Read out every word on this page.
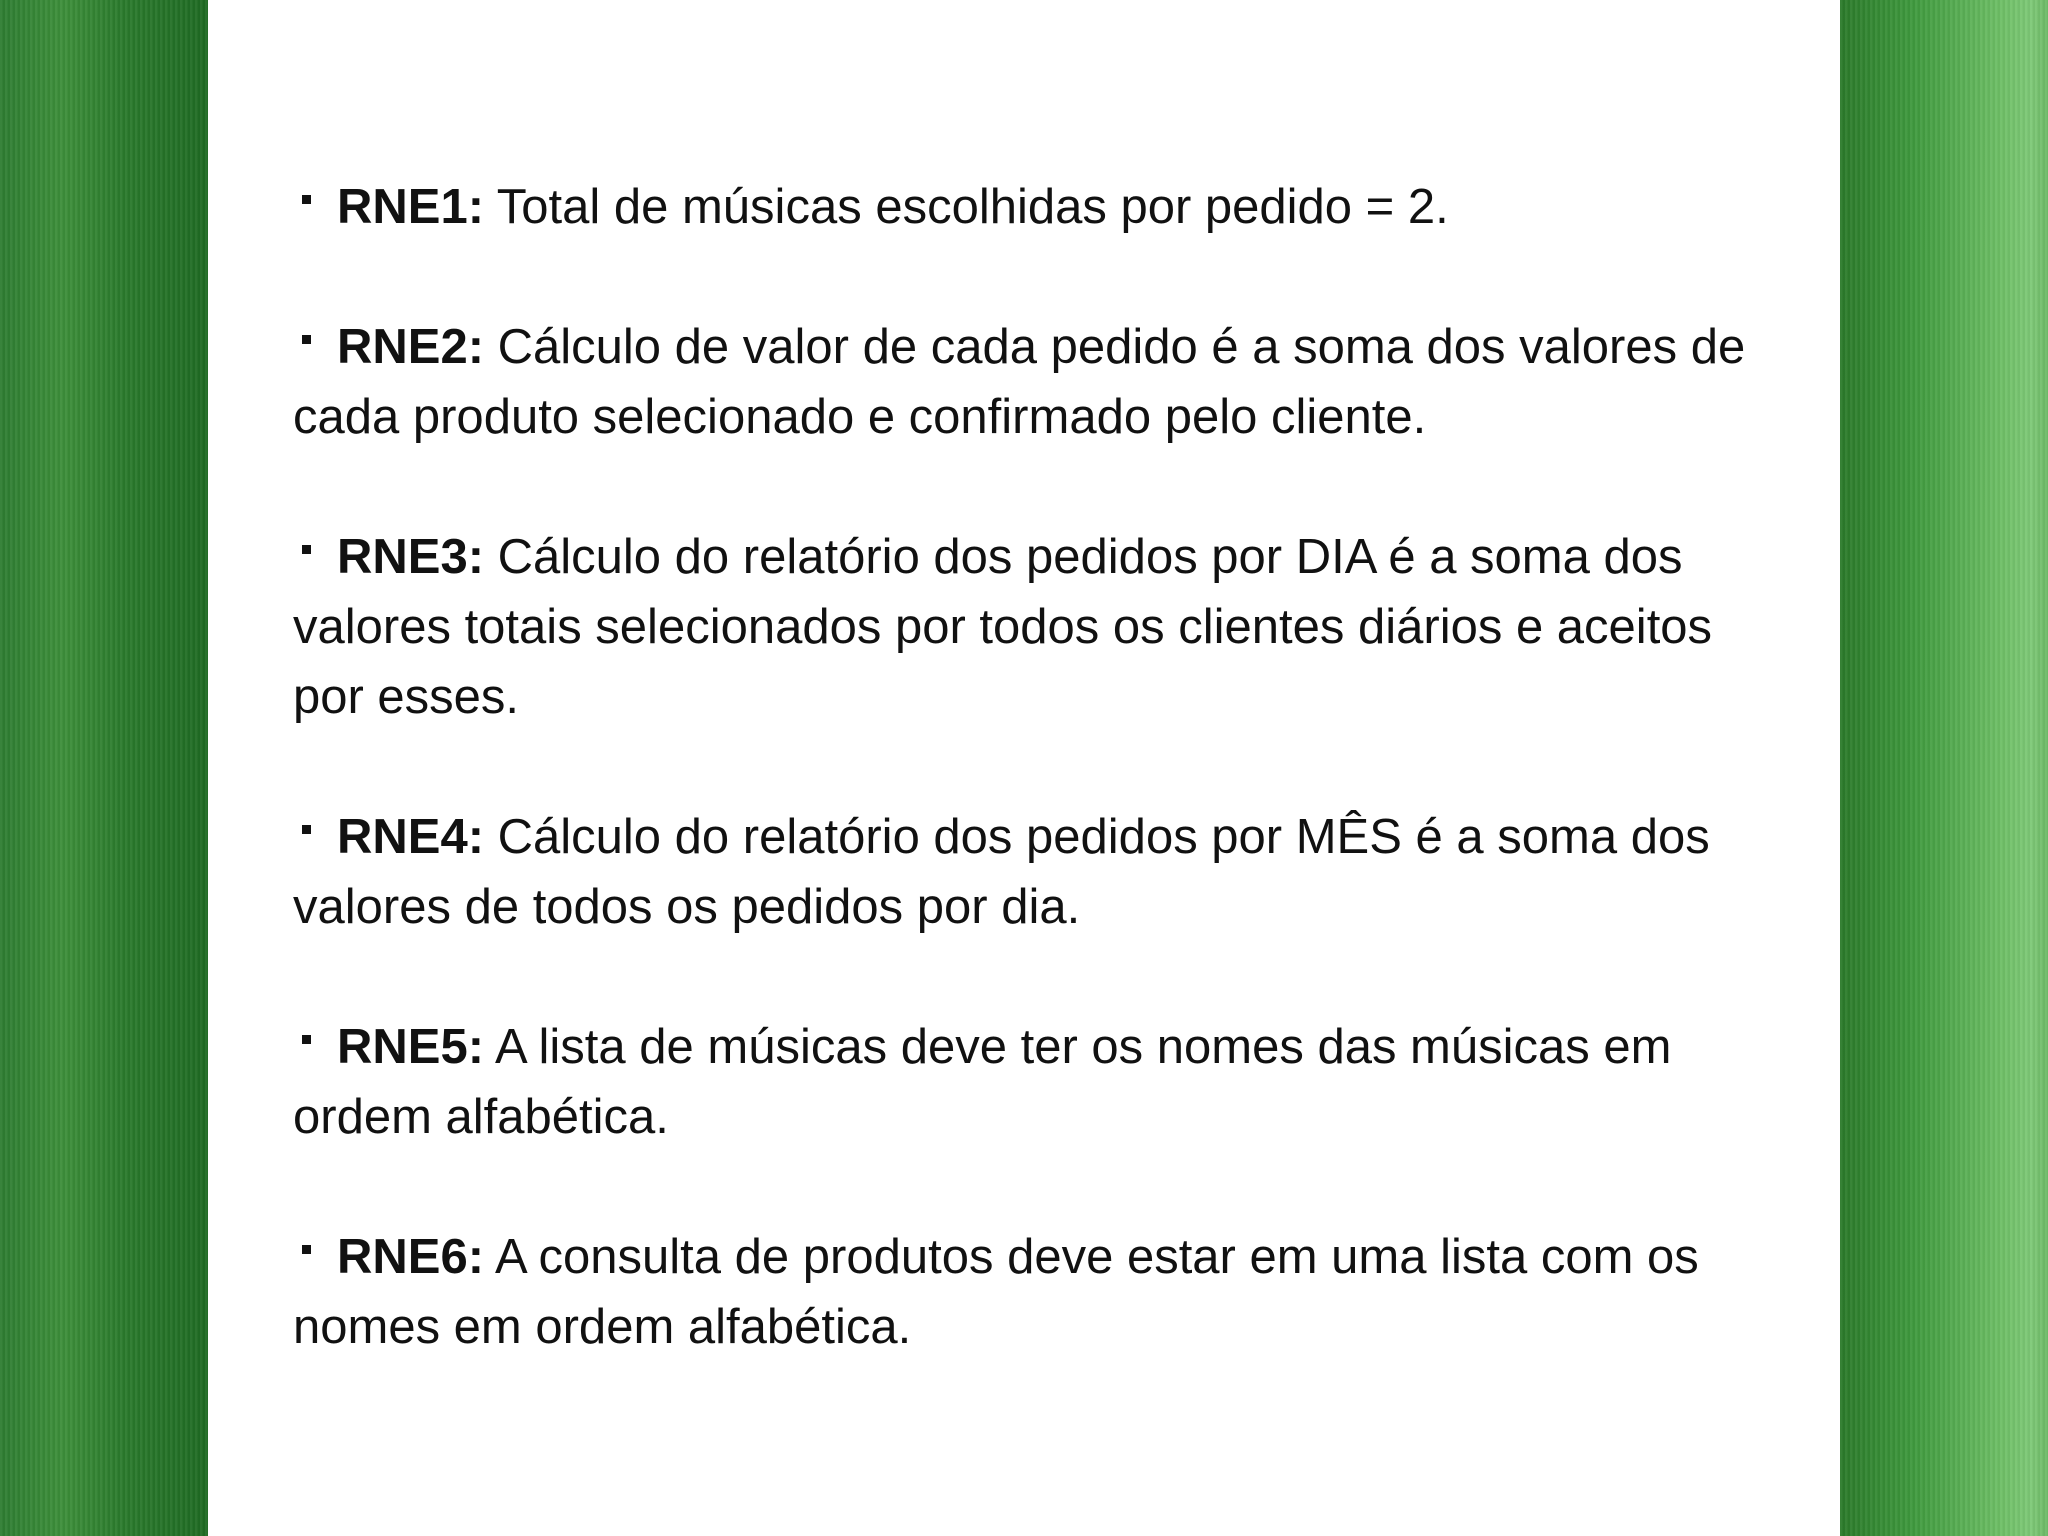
RNE1: Total de músicas escolhidas por pedido = 2.
RNE2: Cálculo de valor de cada pedido é a soma dos valores de cada produto selecionado e confirmado pelo cliente.
RNE3: Cálculo do relatório dos pedidos por DIA é a soma dos valores totais selecionados por todos os clientes diários e aceitos por esses.
RNE4: Cálculo do relatório dos pedidos por MÊS é a soma dos valores de todos os pedidos por dia.
RNE5: A lista de músicas deve ter os nomes das músicas em ordem alfabética.
RNE6: A consulta de produtos deve estar em uma lista com os nomes em ordem alfabética.
